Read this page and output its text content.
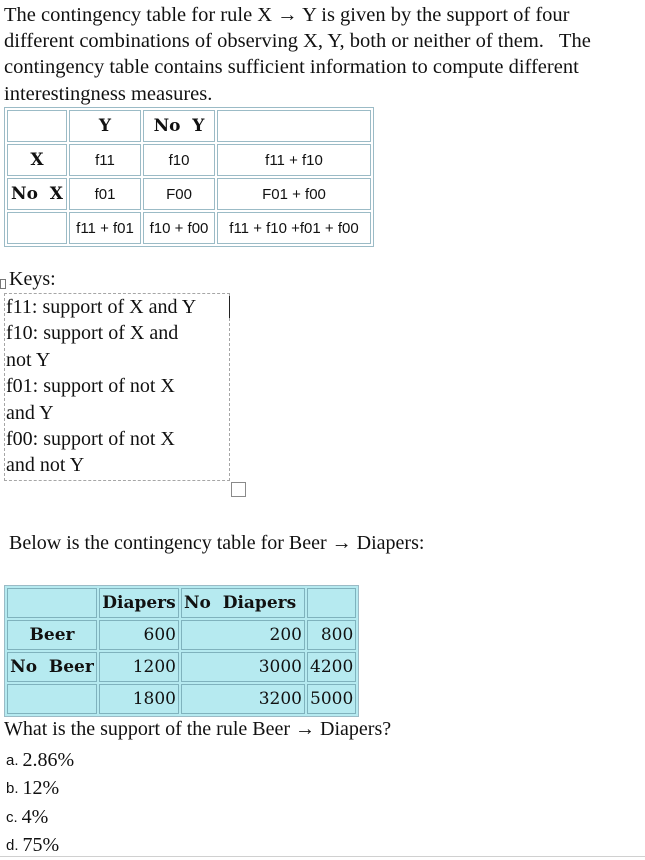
The contingency table for rule X → Y is given by the support of four different combinations of observing X, Y, both or neither of them.   The contingency table contains sufficient information to compute different interestingness measures.
	Y	No  Y	
X	f11	f10	f11 + f10
No  X	f01	F00	F01 + f00
	f11 + f01	f10 + f00	f11 + f10 +f01 + f00
Keys:
f11: support of X and Y
f10: support of X and
not Y
f01: support of not X
and Y
f00: support of not X
and not Y
Below is the contingency table for Beer → Diapers:
	Diapers	No  Diapers	
Beer	600	200	800
No  Beer	1200	3000	4200
	1800	3200	5000
What is the support of the rule Beer → Diapers?
a. 2.86%
b. 12%
c. 4%
d. 75%
